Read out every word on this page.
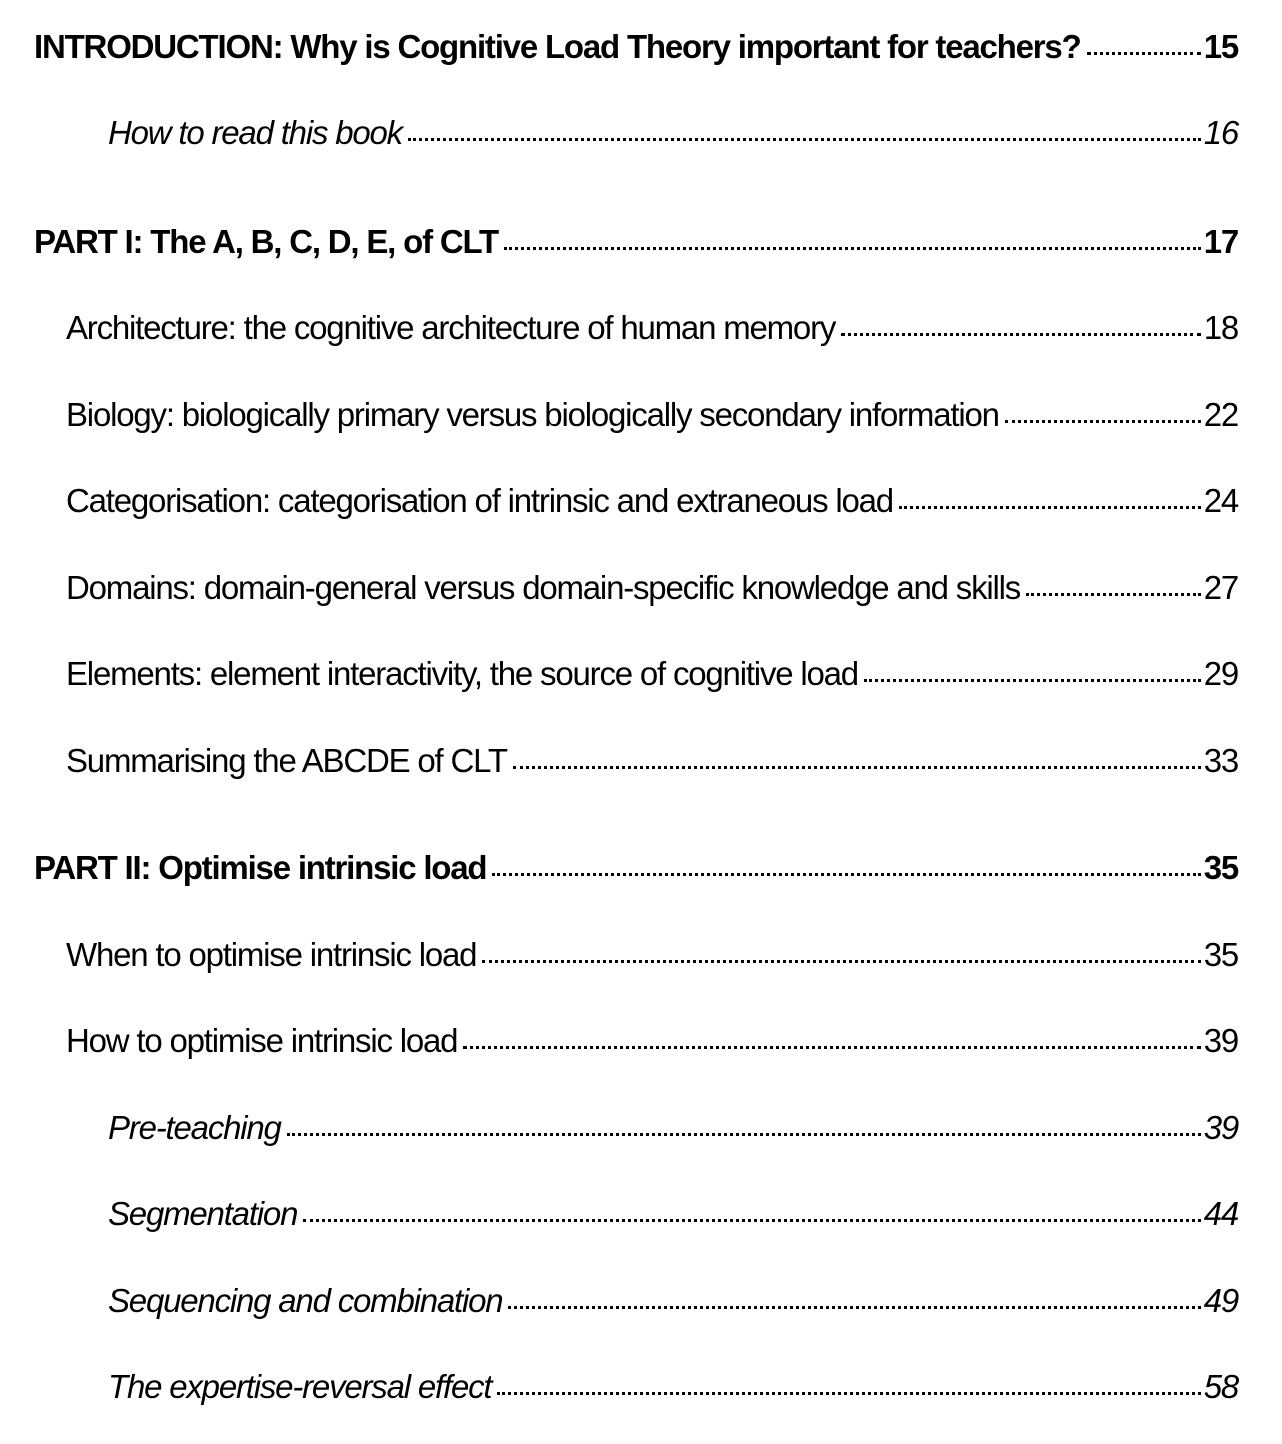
INTRODUCTION: Why is Cognitive Load Theory important for teachers?	15
How to read this book	16
PART I: The A, B, C, D, E, of CLT	17
Architecture: the cognitive architecture of human memory	18
Biology: biologically primary versus biologically secondary information	22
Categorisation: categorisation of intrinsic and extraneous load	24
Domains: domain-general versus domain-specific knowledge and skills	27
Elements: element interactivity, the source of cognitive load	29
Summarising the ABCDE of CLT	33
PART II: Optimise intrinsic load	35
When to optimise intrinsic load	35
How to optimise intrinsic load	39
Pre-teaching	39
Segmentation	44
Sequencing and combination	49
The expertise-reversal effect	58
